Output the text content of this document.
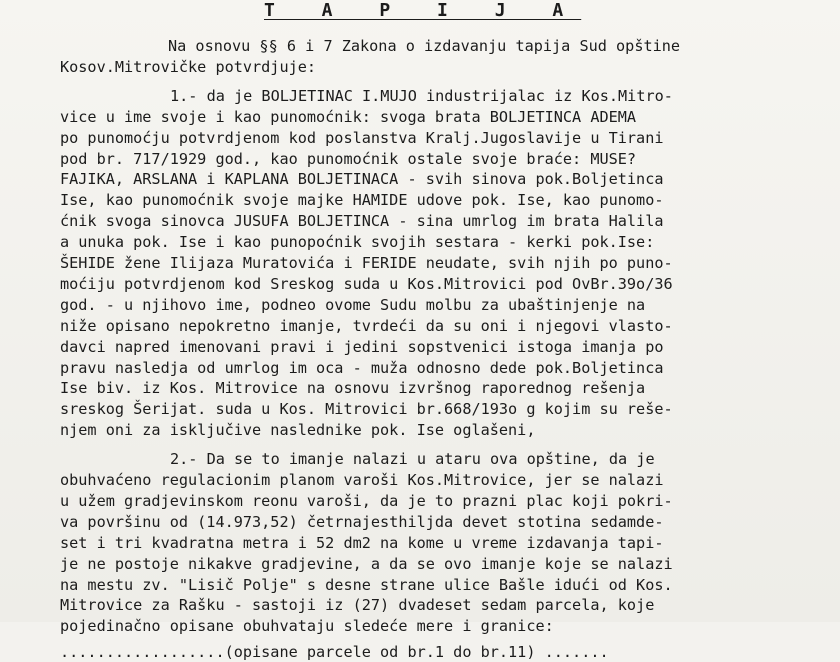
T A P I J A
Na osnovu §§ 6 i 7 Zakona o izdavanju tapija Sud opštine
Kosov.Mitrovičke potvrdjuje:
1.- da je BOLJETINAC I.MUJO industrijalac iz Kos.Mitro-
vice u ime svoje i kao punomoćnik: svoga brata BOLJETINCA ADEMA
po punomoćju potvrdjenom kod poslanstva Kralj.Jugoslavije u Tirani
pod br. 717/1929 god., kao punomoćnik ostale svoje braće: MUSE?
FAJIKA, ARSLANA i KAPLANA BOLJETINACA - svih sinova pok.Boljetinca
Ise, kao punomoćnik svoje majke HAMIDE udove pok. Ise, kao punomo-
ćnik svoga sinovca JUSUFA BOLJETINCA - sina umrlog im brata Halila
a unuka pok. Ise i kao punopoćnik svojih sestara - kerki pok.Ise:
ŠEHIDE žene Ilijaza Muratovića i FERIDE neudate, svih njih po puno-
moćiju potvrdjenom kod Sreskog suda u Kos.Mitrovici pod OvBr.39o/36
god. - u njihovo ime, podneo ovome Sudu molbu za ubaštinjenje na
niže opisano nepokretno imanje, tvrdeći da su oni i njegovi vlasto-
davci napred imenovani pravi i jedini sopstvenici istoga imanja po
pravu nasledja od umrlog im oca - muža odnosno dede pok.Boljetinca
Ise biv. iz Kos. Mitrovice na osnovu izvršnog raporednog rešenja
sreskog Šerijat. suda u Kos. Mitrovici br.668/193o g kojim su reše-
njem oni za isključive naslednike pok. Ise oglašeni,
2.- Da se to imanje nalazi u ataru ova opštine, da je
obuhvaćeno regulacionim planom varoši Kos.Mitrovice, jer se nalazi
u užem gradjevinskom reonu varoši, da je to prazni plac koji pokri-
va površinu od (14.973,52) četrnajesthiljda devet stotina sedamde-
set i tri kvadratna metra i 52 dm2 na kome u vreme izdavanja tapi-
je ne postoje nikakve gradjevine, a da se ovo imanje koje se nalazi
na mestu zv. "Lisič Polje" s desne strane ulice Bašle idući od Kos.
Mitrovice za Rašku - sastoji iz (27) dvadeset sedam parcela, koje
pojedinačno opisane obuhvataju sledeće mere i granice:
..................(opisane parcele od br.1 do br.11) .......
